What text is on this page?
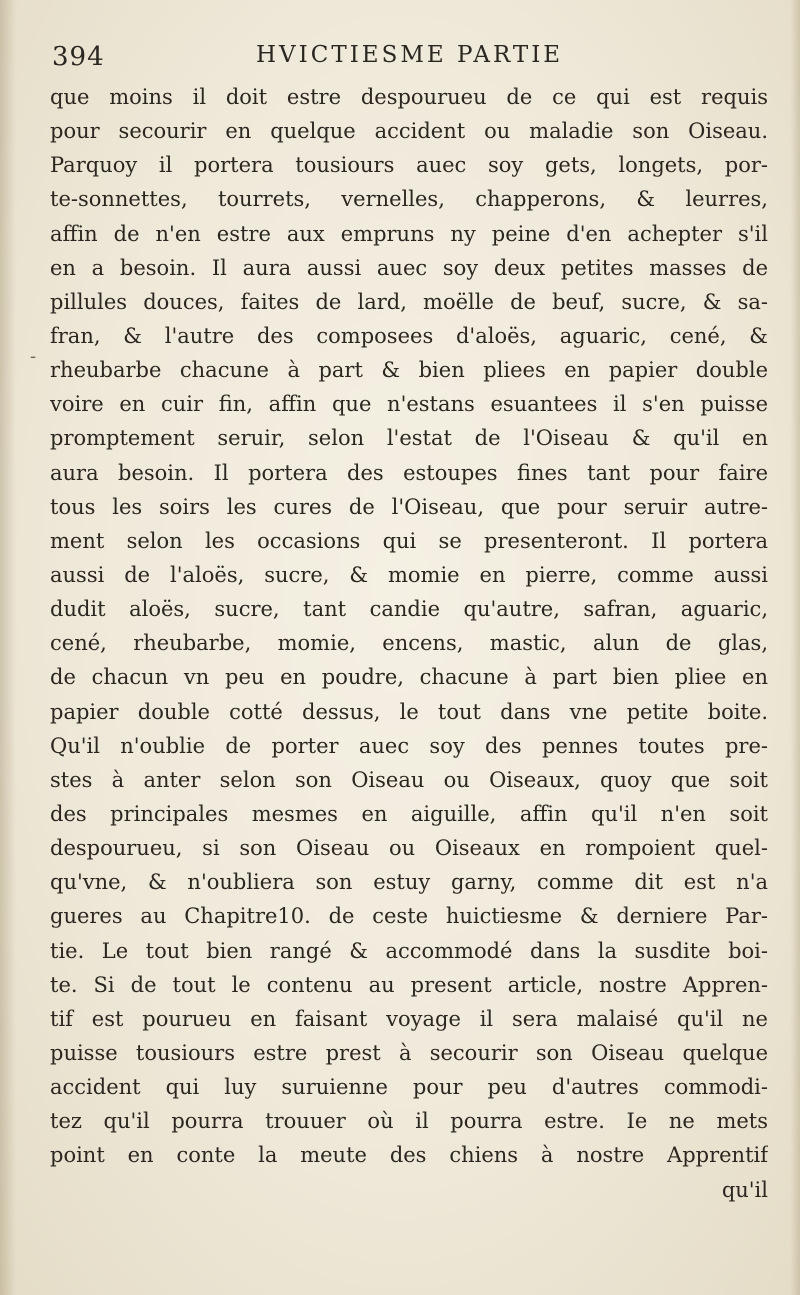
394	HVICTIESME PARTIE
-
que moins il doit estre despourueu de ce qui est requis
pour secourir en quelque accident ou maladie son Oiseau.
Parquoy il portera tousiours auec soy gets, longets, por-
te-sonnettes, tourrets, vernelles, chapperons, & leurres,
affin de n'en estre aux empruns ny peine d'en achepter s'il
en a besoin. Il aura aussi auec soy deux petites masses de
pillules douces, faites de lard, moëlle de beuf, sucre, & sa-
fran, & l'autre des composees d'aloës, aguaric, cené, &
rheubarbe chacune à part & bien pliees en papier double
voire en cuir fin, affin que n'estans esuantees il s'en puisse
promptement seruir, selon l'estat de l'Oiseau & qu'il en
aura besoin. Il portera des estoupes fines tant pour faire
tous les soirs les cures de l'Oiseau, que pour seruir autre-
ment selon les occasions qui se presenteront. Il portera
aussi de l'aloës, sucre, & momie en pierre, comme aussi
dudit aloës, sucre, tant candie qu'autre, safran, aguaric,
cené, rheubarbe, momie, encens, mastic, alun de glas,
de chacun vn peu en poudre, chacune à part bien pliee en
papier double cotté dessus, le tout dans vne petite boite.
Qu'il n'oublie de porter auec soy des pennes toutes pre-
stes à anter selon son Oiseau ou Oiseaux, quoy que soit
des principales mesmes en aiguille, affin qu'il n'en soit
despourueu, si son Oiseau ou Oiseaux en rompoient quel-
qu'vne, & n'oubliera son estuy garny, comme dit est n'a
gueres au Chapitre10. de ceste huictiesme & derniere Par-
tie. Le tout bien rangé & accommodé dans la susdite boi-
te. Si de tout le contenu au present article, nostre Appren-
tif est pourueu en faisant voyage il sera malaisé qu'il ne
puisse tousiours estre prest à secourir son Oiseau quelque
accident qui luy suruienne pour peu d'autres commodi-
tez qu'il pourra trouuer où il pourra estre. Ie ne mets
point en conte la meute des chiens à nostre Apprentif
qu'il
